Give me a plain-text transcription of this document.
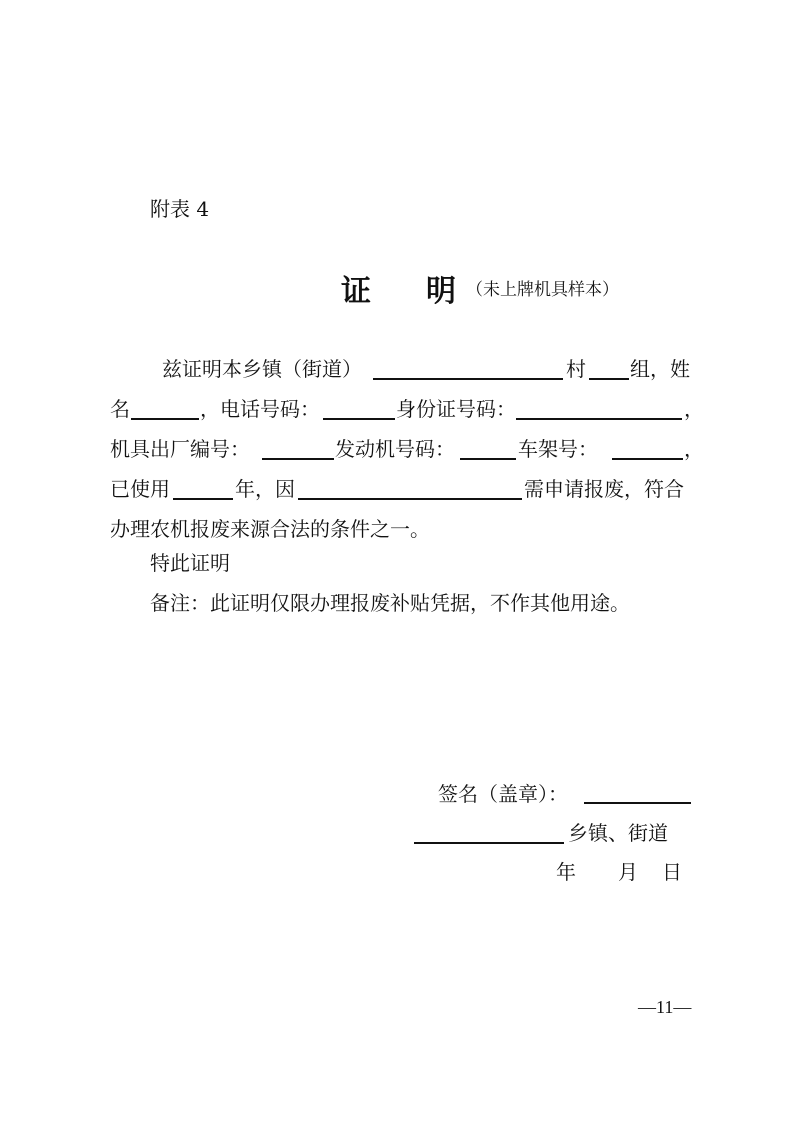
附表 4
证 明 （未上牌机具样本）
兹证明本乡镇（街道）	村 组，姓
名	，电话号码：	身份证号码：	，
机具出厂编号：	发动机号码：	车架号：	，
已使用	年，因	需申请报废，符合
办理农机报废来源合法的条件之一。
特此证明
备注：此证明仅限办理报废补贴凭据，不作其他用途。
签名（盖章）：
乡镇、街道
年 月 日
—11—
